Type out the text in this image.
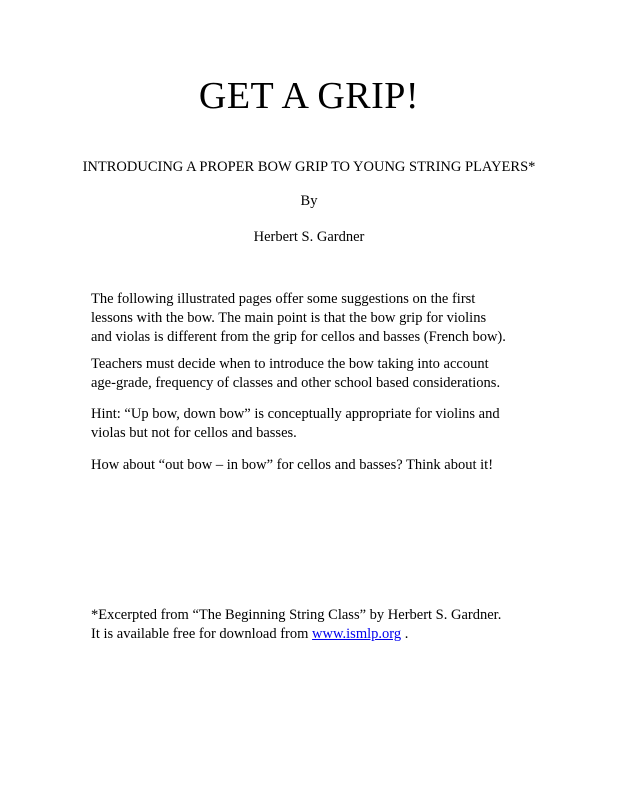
GET A GRIP!
INTRODUCING A PROPER BOW GRIP TO YOUNG STRING PLAYERS*
By
Herbert S. Gardner

The following illustrated pages offer some suggestions on the first

lessons with the bow. The main point is that the bow grip for violins

and violas is different from the grip for cellos and basses (French bow).

Teachers must decide when to introduce the bow taking into account

age-grade, frequency of classes and other school based considerations.

Hint: “Up bow, down bow” is conceptually appropriate for violins and

violas but not for cellos and basses.

How about “out bow – in bow” for cellos and basses? Think about it!

*Excerpted from “The Beginning String Class” by Herbert S. Gardner.

It is available free for download from www.ismlp.org .
